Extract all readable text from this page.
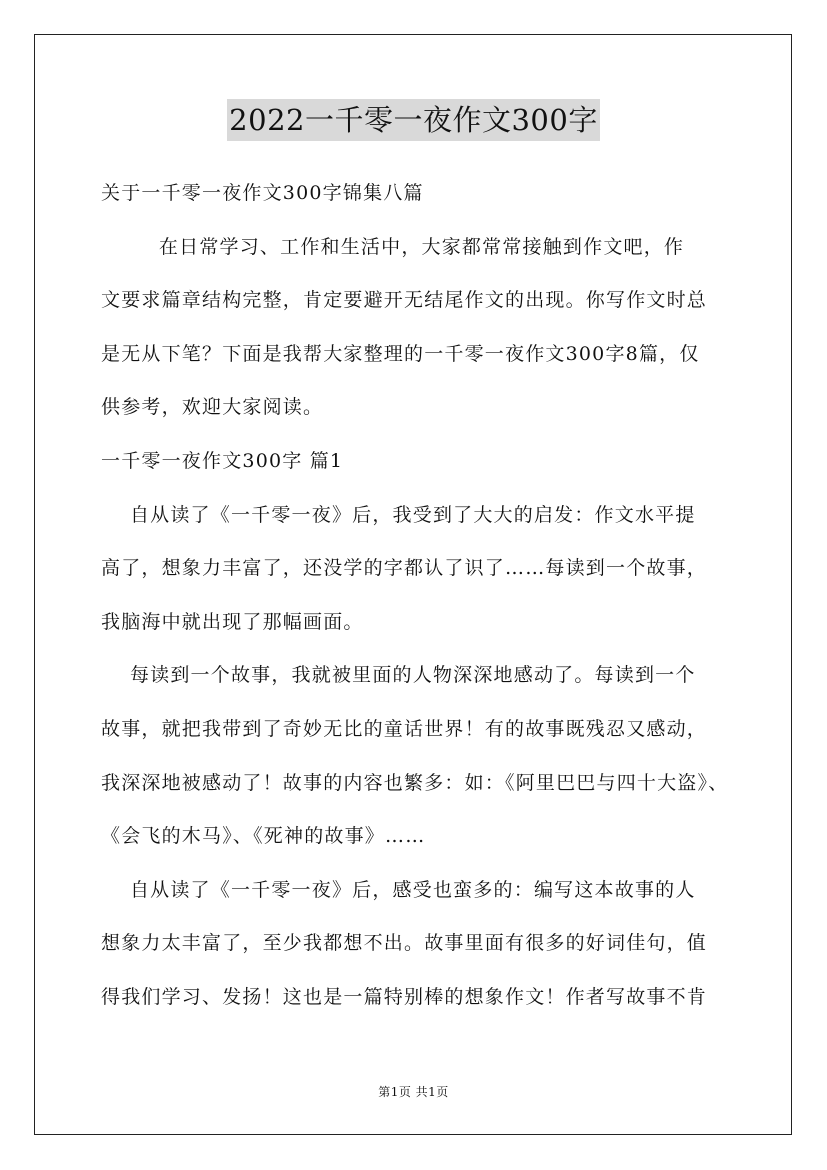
2022一千零一夜作文300字
关于一千零一夜作文300字锦集八篇
在日常学习、工作和生活中，大家都常常接触到作文吧，作
文要求篇章结构完整，肯定要避开无结尾作文的出现。你写作文时总
是无从下笔？下面是我帮大家整理的一千零一夜作文300字8篇，仅
供参考，欢迎大家阅读。
一千零一夜作文300字 篇1
自从读了《一千零一夜》后，我受到了大大的启发：作文水平提
高了，想象力丰富了，还没学的字都认了识了……每读到一个故事，
我脑海中就出现了那幅画面。
每读到一个故事，我就被里面的人物深深地感动了。每读到一个
故事，就把我带到了奇妙无比的童话世界！有的故事既残忍又感动，
我深深地被感动了！故事的内容也繁多：如：《阿里巴巴与四十大盗》、
《会飞的木马》、《死神的故事》……
自从读了《一千零一夜》后，感受也蛮多的：编写这本故事的人
想象力太丰富了，至少我都想不出。故事里面有很多的好词佳句，值
得我们学习、发扬！这也是一篇特别棒的想象作文！作者写故事不肯
第1页 共1页
